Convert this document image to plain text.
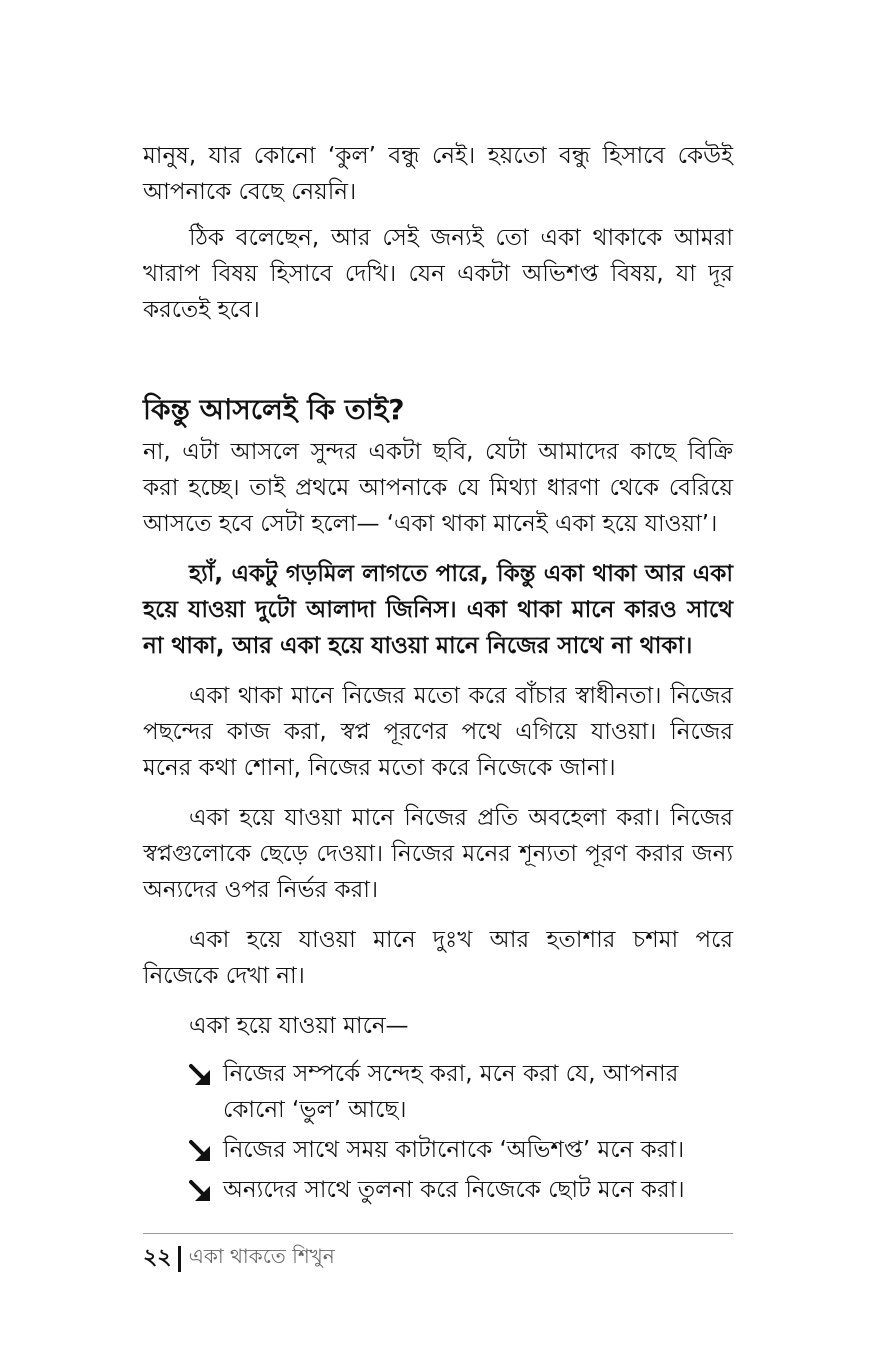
মানুষ, যার কোনো ‘কুল’ বন্ধু নেই। হয়তো বন্ধু হিসাবে কেউই আপনাকে বেছে নেয়নি।

ঠিক বলেছেন, আর সেই জন্যই তো একা থাকাকে আমরা খারাপ বিষয় হিসাবে দেখি। যেন একটা অভিশপ্ত বিষয়, যা দূর করতেই হবে।

কিন্তু আসলেই কি তাই?

না, এটা আসলে সুন্দর একটা ছবি, যেটা আমাদের কাছে বিক্রি করা হচ্ছে। তাই প্রথমে আপনাকে যে মিথ্যা ধারণা থেকে বেরিয়ে আসতে হবে সেটা হলো— ‘একা থাকা মানেই একা হয়ে যাওয়া’।

হ্যাঁ, একটু গড়মিল লাগতে পারে, কিন্তু একা থাকা আর একা হয়ে যাওয়া দুটো আলাদা জিনিস। একা থাকা মানে কারও সাথে না থাকা, আর একা হয়ে যাওয়া মানে নিজের সাথে না থাকা।

একা থাকা মানে নিজের মতো করে বাঁচার স্বাধীনতা। নিজের পছন্দের কাজ করা, স্বপ্ন পূরণের পথে এগিয়ে যাওয়া। নিজের মনের কথা শোনা, নিজের মতো করে নিজেকে জানা।

একা হয়ে যাওয়া মানে নিজের প্রতি অবহেলা করা। নিজের স্বপ্নগুলোকে ছেড়ে দেওয়া। নিজের মনের শূন্যতা পূরণ করার জন্য অন্যদের ওপর নির্ভর করা।

একা হয়ে যাওয়া মানে দুঃখ আর হতাশার চশমা পরে নিজেকে দেখা না।

একা হয়ে যাওয়া মানে—

নিজের সম্পর্কে সন্দেহ করা, মনে করা যে, আপনার কোনো ‘ভুল’ আছে।
নিজের সাথে সময় কাটানোকে ‘অভিশপ্ত’ মনে করা।
অন্যদের সাথে তুলনা করে নিজেকে ছোট মনে করা।
২২ একা থাকতে শিখুন
